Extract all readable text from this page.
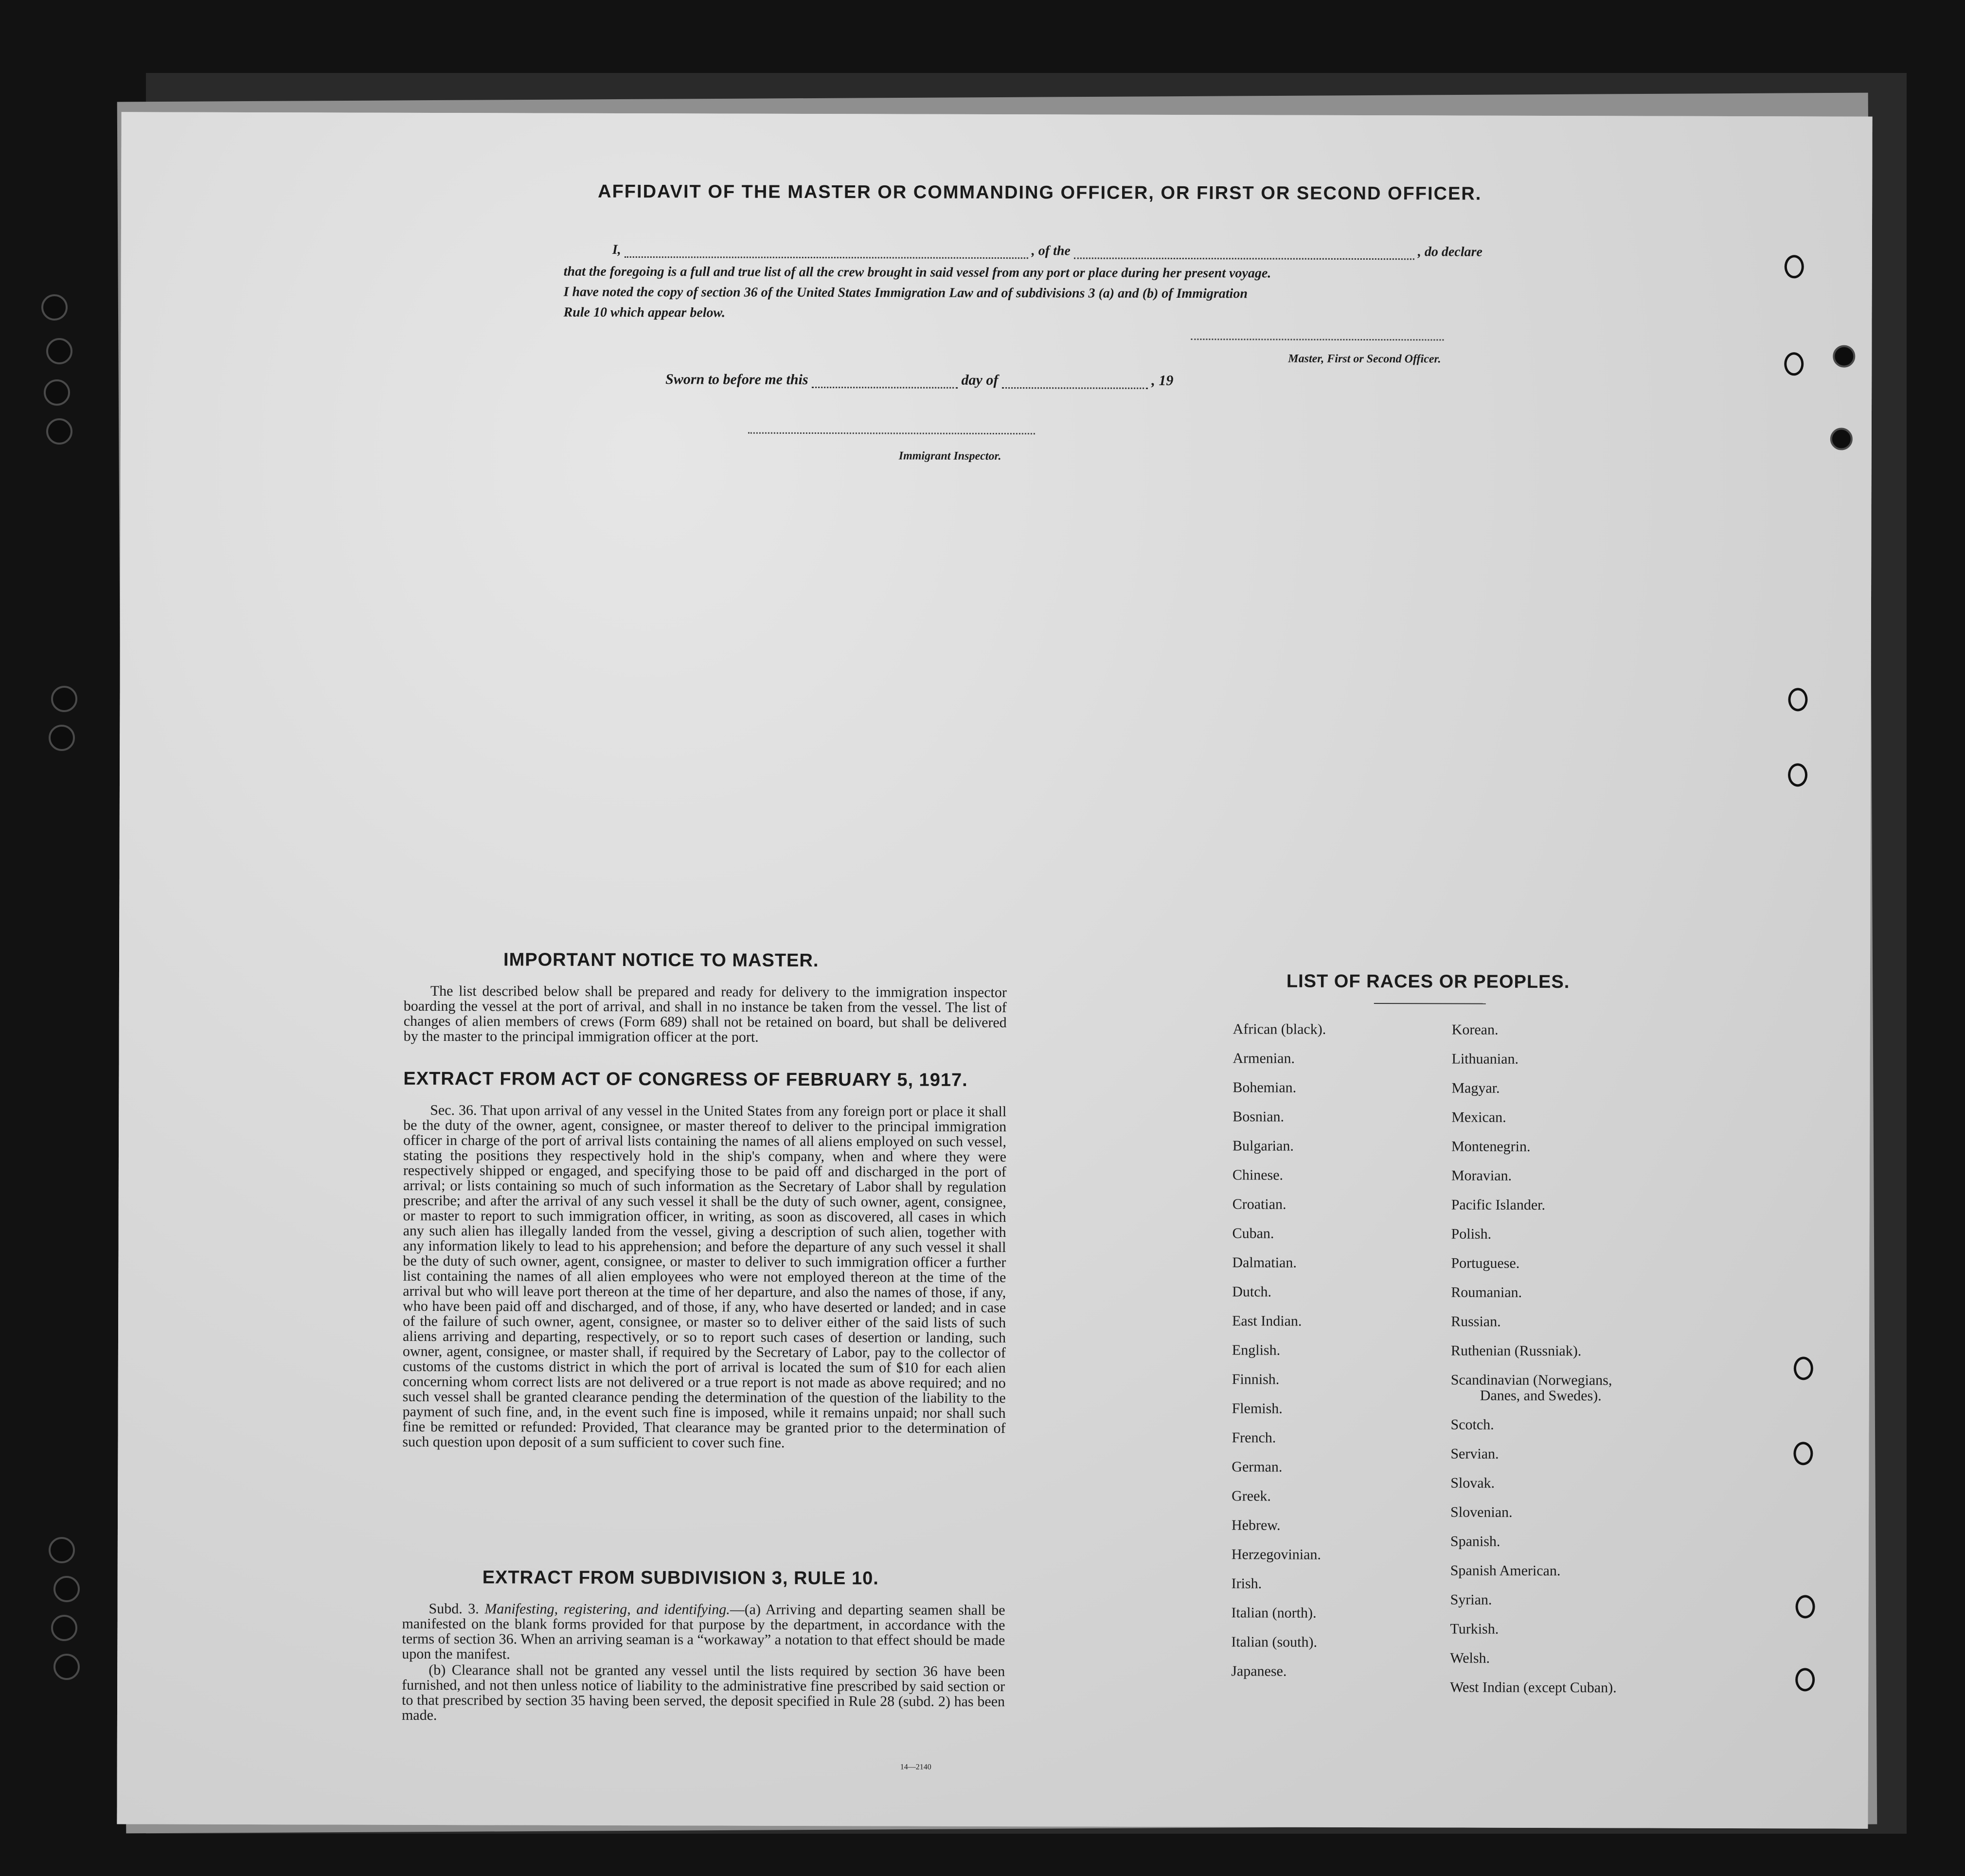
​
AFFIDAVIT OF THE MASTER OR COMMANDING OFFICER, OR FIRST OR SECOND OFFICER.
I,	, of the	, do declare
that the foregoing is a full and true list of all the crew brought in said vessel from any port or place during her present voyage.
I have noted the copy of section 36 of the United States Immigration Law and of subdivisions 3 (a) and (b) of Immigration
Rule 10 which appear below.
Master, First or Second Officer.
Sworn to before me this	day of	, 19
Immigrant Inspector.
IMPORTANT NOTICE TO MASTER.

The list described below shall be prepared and ready for delivery to the immigration inspector boarding the vessel at the port of arrival, and shall in no instance be taken from the vessel. The list of changes of alien members of crews (Form 689) shall not be retained on board, but shall be delivered by the master to the principal immigration officer at the port.

EXTRACT FROM ACT OF CONGRESS OF FEBRUARY 5, 1917.

Sec. 36. That upon arrival of any vessel in the United States from any foreign port or place it shall be the duty of the owner, agent, consignee, or master thereof to deliver to the principal immigration officer in charge of the port of arrival lists containing the names of all aliens employed on such vessel, stating the positions they respectively hold in the ship's company, when and where they were respectively shipped or engaged, and specifying those to be paid off and discharged in the port of arrival; or lists containing so much of such information as the Secretary of Labor shall by regulation prescribe; and after the arrival of any such vessel it shall be the duty of such owner, agent, consignee, or master to report to such immigration officer, in writing, as soon as discovered, all cases in which any such alien has illegally landed from the vessel, giving a description of such alien, together with any information likely to lead to his apprehension; and before the departure of any such vessel it shall be the duty of such owner, agent, consignee, or master to deliver to such immigration officer a further list containing the names of all alien employees who were not employed thereon at the time of the arrival but who will leave port thereon at the time of her departure, and also the names of those, if any, who have been paid off and discharged, and of those, if any, who have deserted or landed; and in case of the failure of such owner, agent, consignee, or master so to deliver either of the said lists of such aliens arriving and departing, respectively, or so to report such cases of desertion or landing, such owner, agent, consignee, or master shall, if required by the Secretary of Labor, pay to the collector of customs of the customs district in which the port of arrival is located the sum of $10 for each alien concerning whom correct lists are not delivered or a true report is not made as above required; and no such vessel shall be granted clearance pending the determination of the question of the liability to the payment of such fine, and, in the event such fine is imposed, while it remains unpaid; nor shall such fine be remitted or refunded: Provided, That clearance may be granted prior to the determination of such question upon deposit of a sum sufficient to cover such fine.

EXTRACT FROM SUBDIVISION 3, RULE 10.

Subd. 3. Manifesting, registering, and identifying.—(a) Arriving and departing seamen shall be manifested on the blank forms provided for that purpose by the department, in accordance with the terms of section 36. When an arriving seaman is a “workaway” a notation to that effect should be made upon the manifest.

(b) Clearance shall not be granted any vessel until the lists required by section 36 have been furnished, and not then unless notice of liability to the administrative fine prescribed by said section or to that prescribed by section 35 having been served, the deposit specified in Rule 28 (subd. 2) has been made.

14—2140
LIST OF RACES OR PEOPLES.
African (black).
Armenian.
Bohemian.
Bosnian.
Bulgarian.
Chinese.
Croatian.
Cuban.
Dalmatian.
Dutch.
East Indian.
English.
Finnish.
Flemish.
French.
German.
Greek.
Hebrew.
Herzegovinian.
Irish.
Italian (north).
Italian (south).
Japanese.
Korean.
Lithuanian.
Magyar.
Mexican.
Montenegrin.
Moravian.
Pacific Islander.
Polish.
Portuguese.
Roumanian.
Russian.
Ruthenian (Russniak).
Scandinavian (Norwegians,
Danes, and Swedes).
Scotch.
Servian.
Slovak.
Slovenian.
Spanish.
Spanish American.
Syrian.
Turkish.
Welsh.
West Indian (except Cuban).
